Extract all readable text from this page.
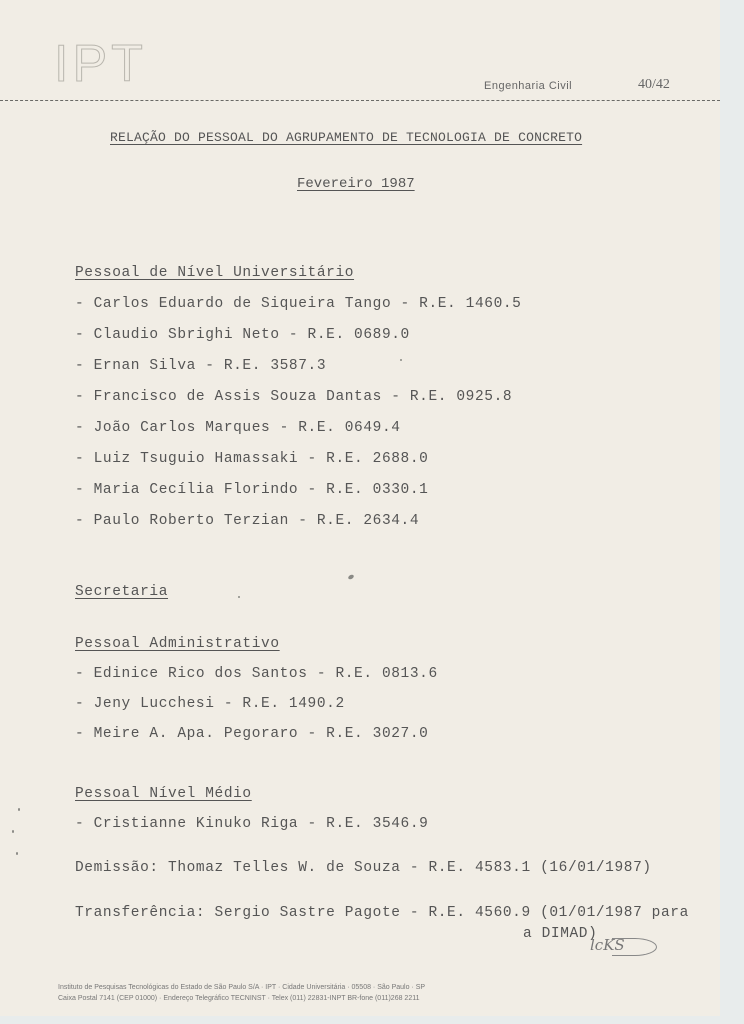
IPT	Engenharia Civil	40/42
RELAÇÃO DO PESSOAL DO AGRUPAMENTO DE TECNOLOGIA DE CONCRETO
Fevereiro 1987
Pessoal de Nível Universitário
- Carlos Eduardo de Siqueira Tango - R.E. 1460.5
- Claudio Sbrighi Neto - R.E. 0689.0
- Ernan Silva - R.E. 3587.3
- Francisco de Assis Souza Dantas - R.E. 0925.8
- João Carlos Marques - R.E. 0649.4
- Luiz Tsuguio Hamassaki - R.E. 2688.0
- Maria Cecília Florindo - R.E. 0330.1
- Paulo Roberto Terzian - R.E. 2634.4
Secretaria
Pessoal Administrativo
- Edinice Rico dos Santos - R.E. 0813.6
- Jeny Lucchesi - R.E. 1490.2
- Meire A. Apa. Pegoraro - R.E. 3027.0
Pessoal Nível Médio
- Cristianne Kinuko Riga - R.E. 3546.9
Demissão: Thomaz Telles W. de Souza - R.E. 4583.1 (16/01/1987)
Transferência: Sergio Sastre Pagote - R.E. 4560.9 (01/01/1987 para
a DIMAD)
lcKS
Instituto de Pesquisas Tecnológicas do Estado de São Paulo S/A · IPT · Cidade Universitária · 05508 · São Paulo · SP
Caixa Postal 7141 (CEP 01000) · Endereço Telegráfico TECNINST · Telex (011) 22831-INPT BR-fone (011)268 2211
